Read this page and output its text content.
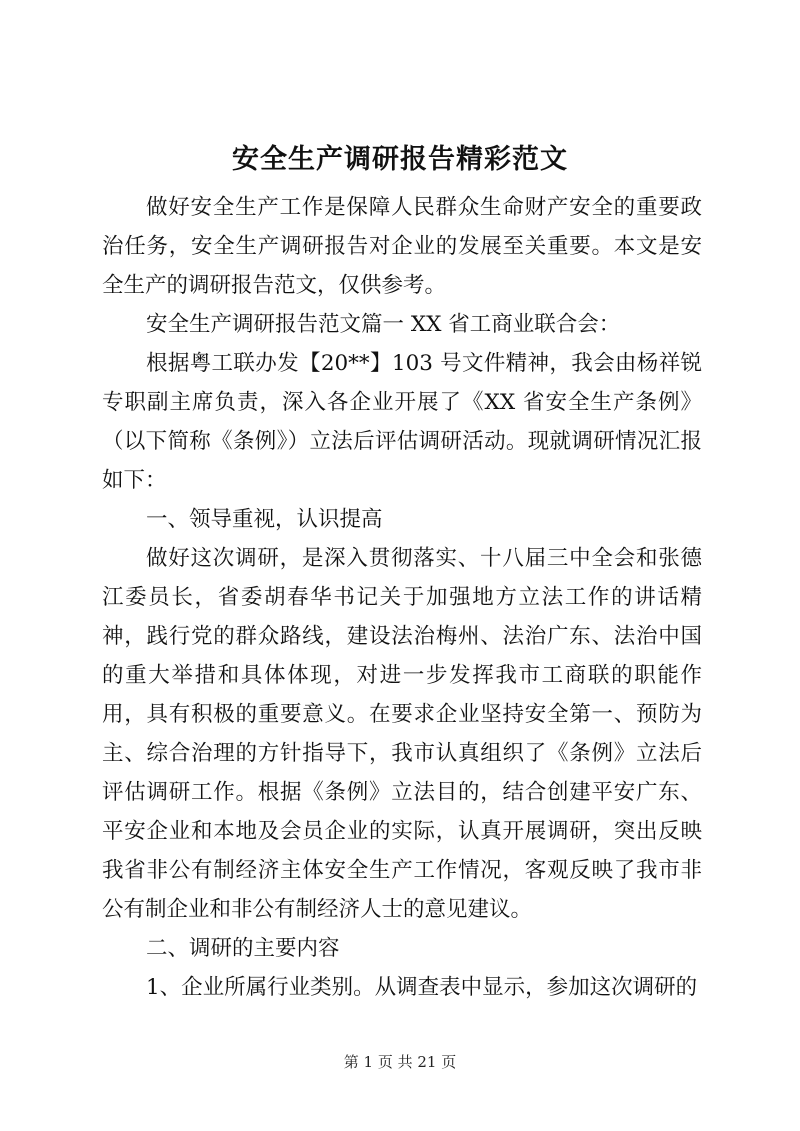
安全生产调研报告精彩范文

做好安全生产工作是保障人民群众生命财产安全的重要政治任务，安全生产调研报告对企业的发展至关重要。本文是安全生产的调研报告范文，仅供参考。

安全生产调研报告范文篇一 XX 省工商业联合会：

根据粤工联办发【20**】103 号文件精神，我会由杨祥锐专职副主席负责，深入各企业开展了《XX 省安全生产条例》（以下简称《条例》）立法后评估调研活动。现就调研情况汇报如下：

一、领导重视，认识提高

做好这次调研，是深入贯彻落实、十八届三中全会和张德江委员长，省委胡春华书记关于加强地方立法工作的讲话精神，践行党的群众路线，建设法治梅州、法治广东、法治中国的重大举措和具体体现，对进一步发挥我市工商联的职能作用，具有积极的重要意义。在要求企业坚持安全第一、预防为主、综合治理的方针指导下，我市认真组织了《条例》立法后评估调研工作。根据《条例》立法目的，结合创建平安广东、平安企业和本地及会员企业的实际，认真开展调研，突出反映我省非公有制经济主体安全生产工作情况，客观反映了我市非公有制企业和非公有制经济人士的意见建议。

二、调研的主要内容

1、企业所属行业类别。从调查表中显示，参加这次调研的

第 1 页 共 21 页
